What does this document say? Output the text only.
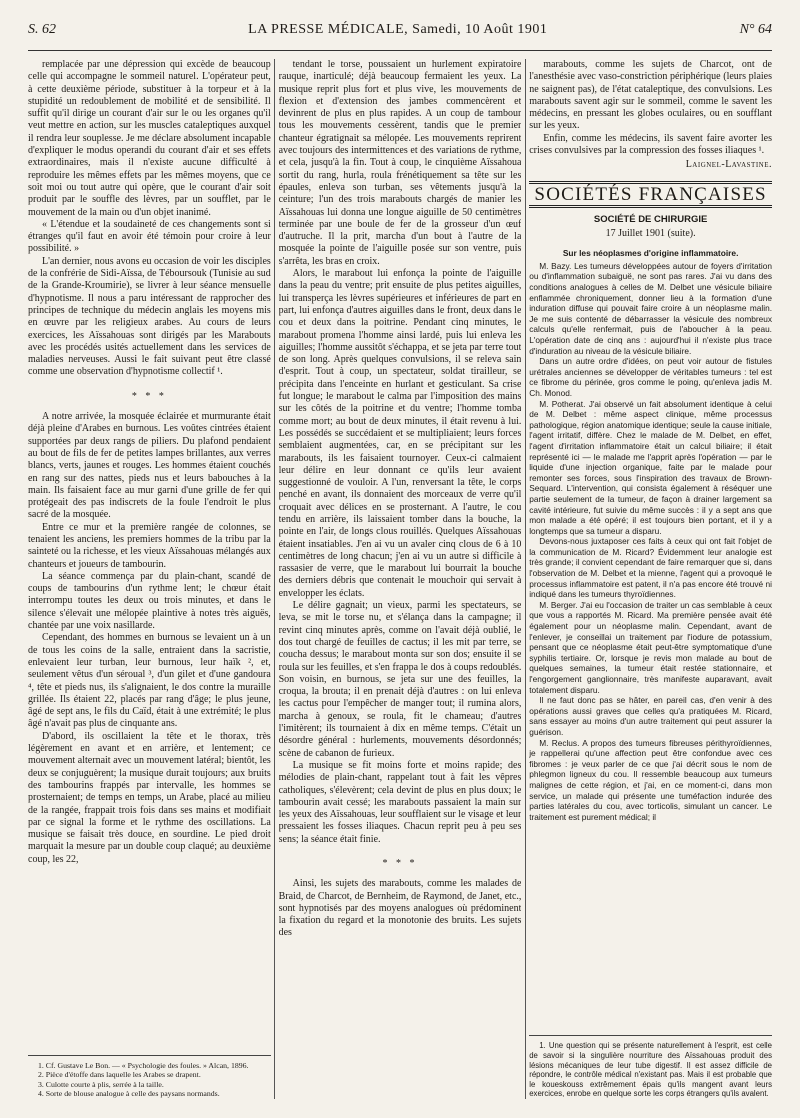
S. 62	LA PRESSE MÉDICALE, Samedi, 10 Août 1901	N° 64

remplacée par une dépression qui excède de beaucoup celle qui accompagne le sommeil naturel. L'opérateur peut, à cette deuxième période, substituer à la torpeur et à la stupidité un redoublement de mobilité et de sensibilité. Il suffit qu'il dirige un courant d'air sur le ou les organes qu'il veut mettre en action, sur les muscles cataleptiques auxquel il rendra leur souplesse. Je me déclare absolument incapable d'expliquer le modus operandi du courant d'air et ses effets extraordinaires, mais il n'existe aucune difficulté à reproduire les mêmes effets par les mêmes moyens, que ce soit moi ou tout autre qui opère, que le courant d'air soit produit par le souffle des lèvres, par un soufflet, par le mouvement de la main ou d'un objet inanimé.

« L'étendue et la soudaineté de ces changements sont si étranges qu'il faut en avoir été témoin pour croire à leur possibilité. »

L'an dernier, nous avons eu occasion de voir les disciples de la confrérie de Sidi-Aïssa, de Téboursouk (Tunisie au sud de la Grande-Kroumirie), se livrer à leur séance mensuelle d'hypnotisme. Il nous a paru intéressant de rapprocher des principes de technique du médecin anglais les moyens mis en œuvre par les religieux arabes. Au cours de leurs exercices, les Aïssahouas sont dirigés par les Marabouts avec les procédés usités actuellement dans les services de maladies nerveuses. Aussi le fait suivant peut être classé comme une observation d'hypnotisme collectif ¹.

* * *

A notre arrivée, la mosquée éclairée et murmurante était déjà pleine d'Arabes en burnous. Les voûtes cintrées étaient supportées par deux rangs de piliers. Du plafond pendaient au bout de fils de fer de petites lampes brillantes, aux verres blancs, verts, jaunes et rouges. Les hommes étaient couchés en rang sur des nattes, pieds nus et leurs babouches à la main. Ils faisaient face au mur garni d'une grille de fer qui protégeait des pas indiscrets de la foule l'endroit le plus sacré de la mosquée.

Entre ce mur et la première rangée de colonnes, se tenaient les anciens, les premiers hommes de la tribu par la sainteté ou la richesse, et les vieux Aïssahouas mélangés aux chanteurs et joueurs de tambourin.

La séance commença par du plain-chant, scandé de coups de tambourins d'un rythme lent; le chœur était interrompu toutes les deux ou trois minutes, et dans le silence s'élevait une mélopée plaintive à notes très aiguës, chantée par une voix nasillarde.

Cependant, des hommes en burnous se levaient un à un de tous les coins de la salle, entraient dans la sacristie, enlevaient leur turban, leur burnous, leur haïk ², et, seulement vêtus d'un séroual ³, d'un gilet et d'une gandoura ⁴, tête et pieds nus, ils s'alignaient, le dos contre la muraille grillée. Ils étaient 22, placés par rang d'âge; le plus jeune, âgé de sept ans, le fils du Caïd, était à une extrémité; le plus âgé n'avait pas plus de cinquante ans.

D'abord, ils oscillaient la tête et le thorax, très légèrement en avant et en arrière, et lentement; ce mouvement alternait avec un mouvement latéral; bientôt, les deux se conjuguèrent; la musique durait toujours; aux bruits des tambourins frappés par intervalle, les hommes se prosternaient; de temps en temps, un Arabe, placé au milieu de la rangée, frappait trois fois dans ses mains et modifiait par ce signal la forme et le rythme des oscillations. La musique se faisait très douce, en sourdine. Le pied droit marquait la mesure par un double coup claqué; au deuxième coup, les 22,

1. Cf. Gustave Le Bon. — « Psychologie des foules. » Alcan, 1896.

2. Pièce d'étoffe dans laquelle les Arabes se drapent.

3. Culotte courte à plis, serrée à la taille.

4. Sorte de blouse analogue à celle des paysans normands.

tendant le torse, poussaient un hurlement expiratoire rauque, inarticulé; déjà beaucoup fermaient les yeux. La musique reprit plus fort et plus vive, les mouvements de flexion et d'extension des jambes commencèrent et devinrent de plus en plus rapides. A un coup de tambour tous les mouvements cessèrent, tandis que le premier chanteur égratignait sa mélopée. Les mouvements reprirent avec toujours des intermittences et des variations de rythme, et cela, jusqu'à la fin. Tout à coup, le cinquième Aïssahoua sortit du rang, hurla, roula frénétiquement sa tête sur les épaules, enleva son turban, ses vêtements jusqu'à la ceinture; l'un des trois marabouts chargés de manier les Aïssahouas lui donna une longue aiguille de 50 centimètres terminée par une boule de fer de la grosseur d'un œuf d'autruche. Il la prit, marcha d'un bout à l'autre de la mosquée la pointe de l'aiguille posée sur son ventre, puis s'arrêta, les bras en croix.

Alors, le marabout lui enfonça la pointe de l'aiguille dans la peau du ventre; prit ensuite de plus petites aiguilles, lui transperça les lèvres supérieures et inférieures de part en part, lui enfonça d'autres aiguilles dans le front, deux dans le cou et deux dans la poitrine. Pendant cinq minutes, le marabout promena l'homme ainsi lardé, puis lui enleva les aiguilles; l'homme aussitôt s'échappa, et se jeta par terre tout de son long. Après quelques convulsions, il se releva sain d'esprit. Tout à coup, un spectateur, soldat tirailleur, se précipita dans l'enceinte en hurlant et gesticulant. Sa crise fut longue; le marabout le calma par l'imposition des mains sur les côtés de la poitrine et du ventre; l'homme tomba comme mort; au bout de deux minutes, il était revenu à lui. Les possédés se succédaient et se multipliaient; leurs forces semblaient augmentées, car, en se précipitant sur les marabouts, ils les faisaient tournoyer. Ceux-ci calmaient leur délire en leur donnant ce qu'ils leur avaient suggestionné de vouloir. A l'un, renversant la tête, le corps penché en avant, ils donnaient des morceaux de verre qu'il croquait avec délices en se prosternant. A l'autre, le cou tendu en arrière, ils laissaient tomber dans la bouche, la pointe en l'air, de longs clous rouillés. Quelques Aïssahouas étaient insatiables. J'en ai vu un avaler cinq clous de 6 à 10 centimètres de long chacun; j'en ai vu un autre si difficile à rassasier de verre, que le marabout lui bourrait la bouche des derniers débris que contenait le mouchoir qui servait à envelopper les éclats.

Le délire gagnait; un vieux, parmi les spectateurs, se leva, se mit le torse nu, et s'élança dans la campagne; il revint cinq minutes après, comme on l'avait déjà oublié, le dos tout chargé de feuilles de cactus; il les mit par terre, se coucha dessus; le marabout monta sur son dos; ensuite il se roula sur les feuilles, et s'en frappa le dos à coups redoublés. Son voisin, en burnous, se jeta sur une des feuilles, la croqua, la brouta; il en prenait déjà d'autres : on lui enleva les cactus pour l'empêcher de manger tout; il rumina alors, marcha à genoux, se roula, fit le chameau; d'autres l'imitèrent; ils tournaient à dix en même temps. C'était un désordre général : hurlements, mouvements désordonnés; scène de cabanon de furieux.

La musique se fit moins forte et moins rapide; des mélodies de plain-chant, rappelant tout à fait les vêpres catholiques, s'élevèrent; cela devint de plus en plus doux; le tambourin avait cessé; les marabouts passaient la main sur les yeux des Aïssahouas, leur soufflaient sur le visage et leur pressaient les fosses iliaques. Chacun reprit peu à peu ses sens; la séance était finie.

* * *

Ainsi, les sujets des marabouts, comme les malades de Braid, de Charcot, de Bernheim, de Raymond, de Janet, etc., sont hypnotisés par des moyens analogues où prédominent la fixation du regard et la monotonie des bruits. Les sujets des

marabouts, comme les sujets de Charcot, ont de l'anesthésie avec vaso-constriction périphérique (leurs plaies ne saignent pas), de l'état cataleptique, des convulsions. Les marabouts savent agir sur le sommeil, comme le savent les médecins, en pressant les globes oculaires, ou en soufflant sur les yeux.

Enfin, comme les médecins, ils savent faire avorter les crises convulsives par la compression des fosses iliaques ¹.

Laignel-Lavastine.
SOCIÉTÉS FRANÇAISES
SOCIÉTÉ DE CHIRURGIE
17 Juillet 1901 (suite).
Sur les néoplasmes d'origine inflammatoire.

M. Bazy. Les tumeurs développées autour de foyers d'irritation ou d'inflammation subaiguë, ne sont pas rares. J'ai vu dans des conditions analogues à celles de M. Delbet une vésicule biliaire enflammée chroniquement, donner lieu à la formation d'une induration diffuse qui pouvait faire croire à un néoplasme malin. Je me suis contenté de débarrasser la vésicule des nombreux calculs qu'elle renfermait, puis de l'aboucher à la peau. L'opération date de cinq ans : aujourd'hui il n'existe plus trace d'induration au niveau de la vésicule biliaire.

Dans un autre ordre d'idées, on peut voir autour de fistules urétrales anciennes se développer de véritables tumeurs : tel est ce fibrome du périnée, gros comme le poing, qu'enleva jadis M. Ch. Monod.

M. Potherat. J'ai observé un fait absolument identique à celui de M. Delbet : même aspect clinique, même processus pathologique, région anatomique identique; seule la cause initiale, l'agent irritatif, diffère. Chez le malade de M. Delbet, en effet, l'agent d'irritation inflammatoire était un calcul biliaire; il était représenté ici — le malade me l'apprit après l'opération — par le liquide d'une injection organique, faite par le malade pour remonter ses forces, sous l'inspiration des travaux de Brown-Sequard. L'intervention, qui consista également à réséquer une partie seulement de la tumeur, de façon à drainer largement sa cavité intérieure, fut suivie du même succès : il y a sept ans que mon malade a été opéré; il est toujours bien portant, et il y a longtemps que sa tumeur a disparu.

Devons-nous juxtaposer ces faits à ceux qui ont fait l'objet de la communication de M. Ricard? Évidemment leur analogie est très grande; il convient cependant de faire remarquer que si, dans l'observation de M. Delbet et la mienne, l'agent qui a provoqué le processus inflammatoire est patent, il n'a pas encore été trouvé ni indiqué dans les tumeurs thyroïdiennes.

M. Berger. J'ai eu l'occasion de traiter un cas semblable à ceux que vous a rapportés M. Ricard. Ma première pensée avait été également pour un néoplasme malin. Cependant, avant de l'enlever, je conseillai un traitement par l'iodure de potassium, pensant que ce néoplasme était peut-être symptomatique d'une syphilis tertiaire. Or, lorsque je revis mon malade au bout de quelques semaines, la tumeur était restée stationnaire, et l'engorgement ganglionnaire, très manifeste auparavant, avait totalement disparu.

Il ne faut donc pas se hâter, en pareil cas, d'en venir à des opérations aussi graves que celles qu'a pratiquées M. Ricard, sans essayer au moins d'un autre traitement qui peut assurer la guérison.

M. Reclus. A propos des tumeurs fibreuses périthyroïdiennes, je rappellerai qu'une affection peut être confondue avec ces fibromes : je veux parler de ce que j'ai décrit sous le nom de phlegmon ligneux du cou. Il ressemble beaucoup aux tumeurs malignes de cette région, et j'ai, en ce moment-ci, dans mon service, un malade qui présente une tuméfaction indurée des parties latérales du cou, avec torticolis, simulant un cancer. Le traitement est purement médical; il

1. Une question qui se présente naturellement à l'esprit, est celle de savoir si la singulière nourriture des Aïssahouas produit des lésions mécaniques de leur tube digestif. Il est assez difficile de répondre, le contrôle médical n'existant pas. Mais il est probable que le koueskouss extrêmement épais qu'ils mangent avant leurs exercices, enrobe en quelque sorte les corps étrangers qu'ils avalent.
